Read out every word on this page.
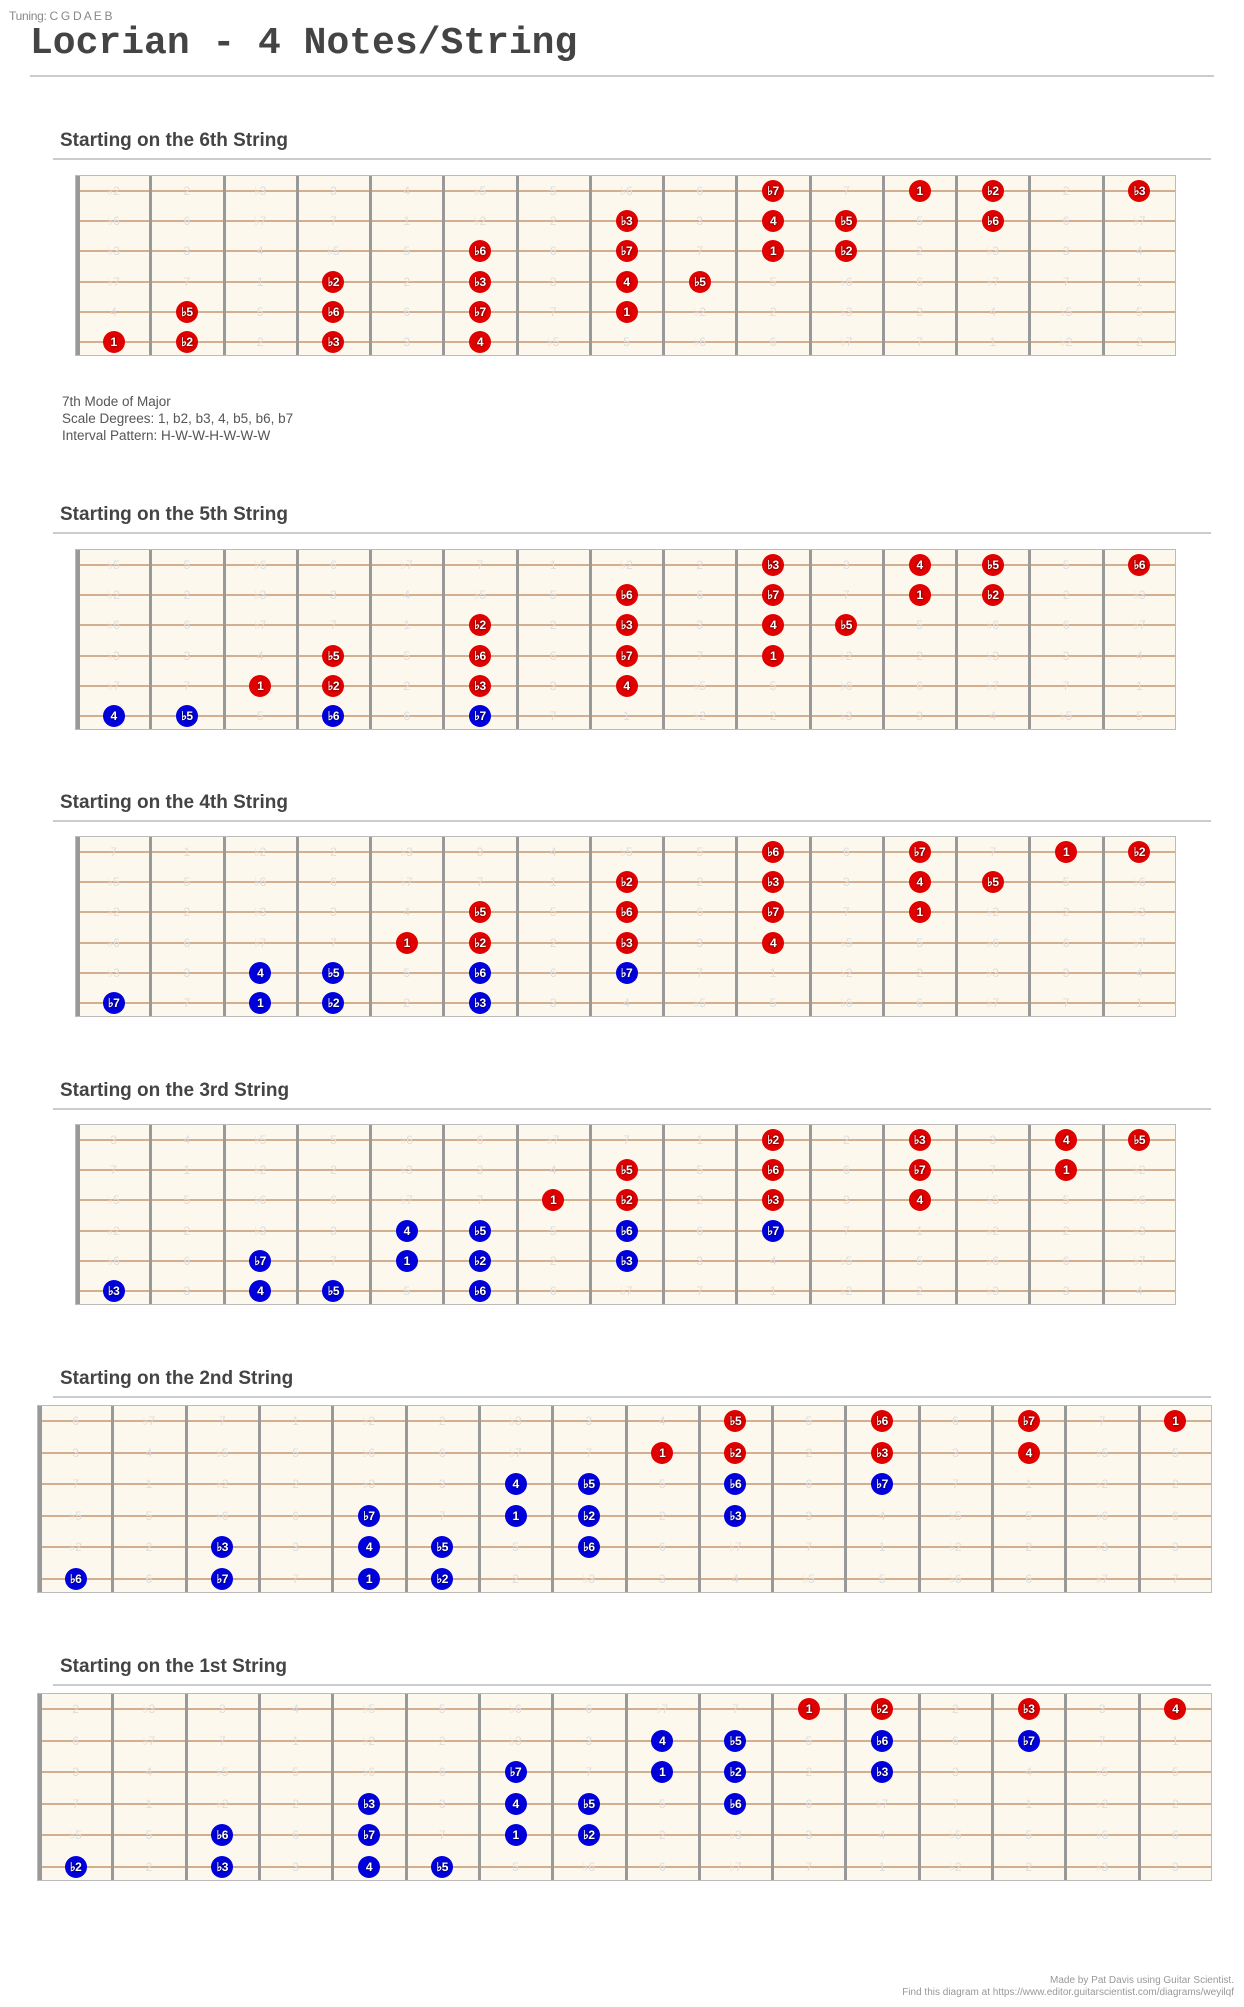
Tuning: C G D A E B
Locrian - 4 Notes/String
7th Mode of Major
Scale Degrees: 1, b2, b3, 4, b5, b6, b7
Interval Pattern: H-W-W-H-W-W-W
Starting on the 6th String
♭2	2	♭3	3	4	♭5	5	♭6	6	7	2
♭6	6	♭7	7	1	♭2	2	3	5	6	♭7
♭3	3	4	♭5	5	6	7	2	♭3	3	4
♭7	7	1	2	3	5	♭6	6	♭7	7	1
4	5	6	7	♭2	2	♭3	3	4	♭5	5
2	3	♭5	5	♭6	6	♭7	7	1	♭2	2
♭7	1	♭2	♭3
♭3	4	♭5	♭6
♭6	♭7	1	♭2
♭2	♭3	4	♭5
♭5	♭6	♭7	1
1	♭2	♭3	4
Starting on the 5th String
♭5	5	♭6	6	♭7	7	1	♭2	2	3	5
♭2	2	♭3	3	4	♭5	5	6	7	2	♭3
♭6	6	♭7	7	1	2	3	5	♭6	6	♭7
♭3	3	4	5	6	7	♭2	2	♭3	3	4
♭7	7	2	3	♭5	5	♭6	6	♭7	7	1
5	6	7	1	♭2	2	♭3	3	4	♭5	5
♭3	4	♭5	♭6
♭6	♭7	1	♭2
♭2	♭3	4	♭5
♭5	♭6	♭7	1
1	♭2	♭3	4
4	♭5	♭6	♭7
Starting on the 4th String
7	1	♭2	2	♭3	3	4	♭5	5	6	7
♭5	5	♭6	6	♭7	7	1	2	3	5	♭6
♭2	2	♭3	3	4	5	6	7	♭2	2	♭3
♭6	6	♭7	7	2	3	♭5	5	♭6	6	♭7
♭3	3	5	6	7	1	♭2	2	♭3	3	4
7	2	3	4	♭5	5	♭6	6	♭7	7	1
♭6	♭7	1	♭2
♭2	♭3	4	♭5
♭5	♭6	♭7	1
1	♭2	♭3	4
4	♭5	♭6	♭7
♭7	1	♭2	♭3
Starting on the 3rd String
3	4	♭5	5	♭6	6	♭7	7	1	2	3
7	1	♭2	2	♭3	3	4	5	6	7	♭2
♭5	5	♭6	6	♭7	7	2	3	♭5	5	♭6
♭2	2	♭3	3	5	6	7	1	♭2	2	♭3
♭6	6	7	2	3	4	♭5	5	♭6	6	♭7
3	5	6	♭7	7	1	♭2	2	♭3	3	4
♭2	♭3	4	♭5
♭5	♭6	♭7	1
1	♭2	♭3	4
4	♭5	♭6	♭7
♭7	1	♭2	♭3
♭3	4	♭5	♭6
Starting on the 2nd String
6	♭7	7	1	♭2	2	♭3	3	4	5	6	7
3	4	♭5	5	♭6	6	♭7	7	2	3	♭5	5
7	1	♭2	2	♭3	3	5	6	7	1	♭2	2
♭5	5	♭6	6	7	2	3	4	♭5	5	♭6	6
♭2	2	3	5	6	♭7	7	1	♭2	2	♭3	3
6	7	2	♭3	3	4	♭5	5	♭6	6	♭7	7
♭5	♭6	♭7	1
1	♭2	♭3	4
4	♭5	♭6	♭7
♭7	1	♭2	♭3
♭3	4	♭5	♭6
♭6	♭7	1	♭2
Starting on the 1st String
2	♭3	3	4	♭5	5	♭6	6	♭7	7	2	3
6	♭7	7	1	♭2	2	♭3	3	5	6	7	1
3	4	♭5	5	♭6	6	7	2	3	4	♭5	5
7	1	♭2	2	3	5	6	♭7	7	1	♭2	2
♭5	5	6	7	2	♭3	3	4	♭5	5	♭6	6
2	3	5	♭6	6	♭7	7	1	♭2	2	♭3	3
1	♭2	♭3	4
4	♭5	♭6	♭7
♭7	1	♭2	♭3
♭3	4	♭5	♭6
♭6	♭7	1	♭2
♭2	♭3	4	♭5
Made by Pat Davis using Guitar Scientist.
Find this diagram at https://www.editor.guitarscientist.com/diagrams/weyilqf
